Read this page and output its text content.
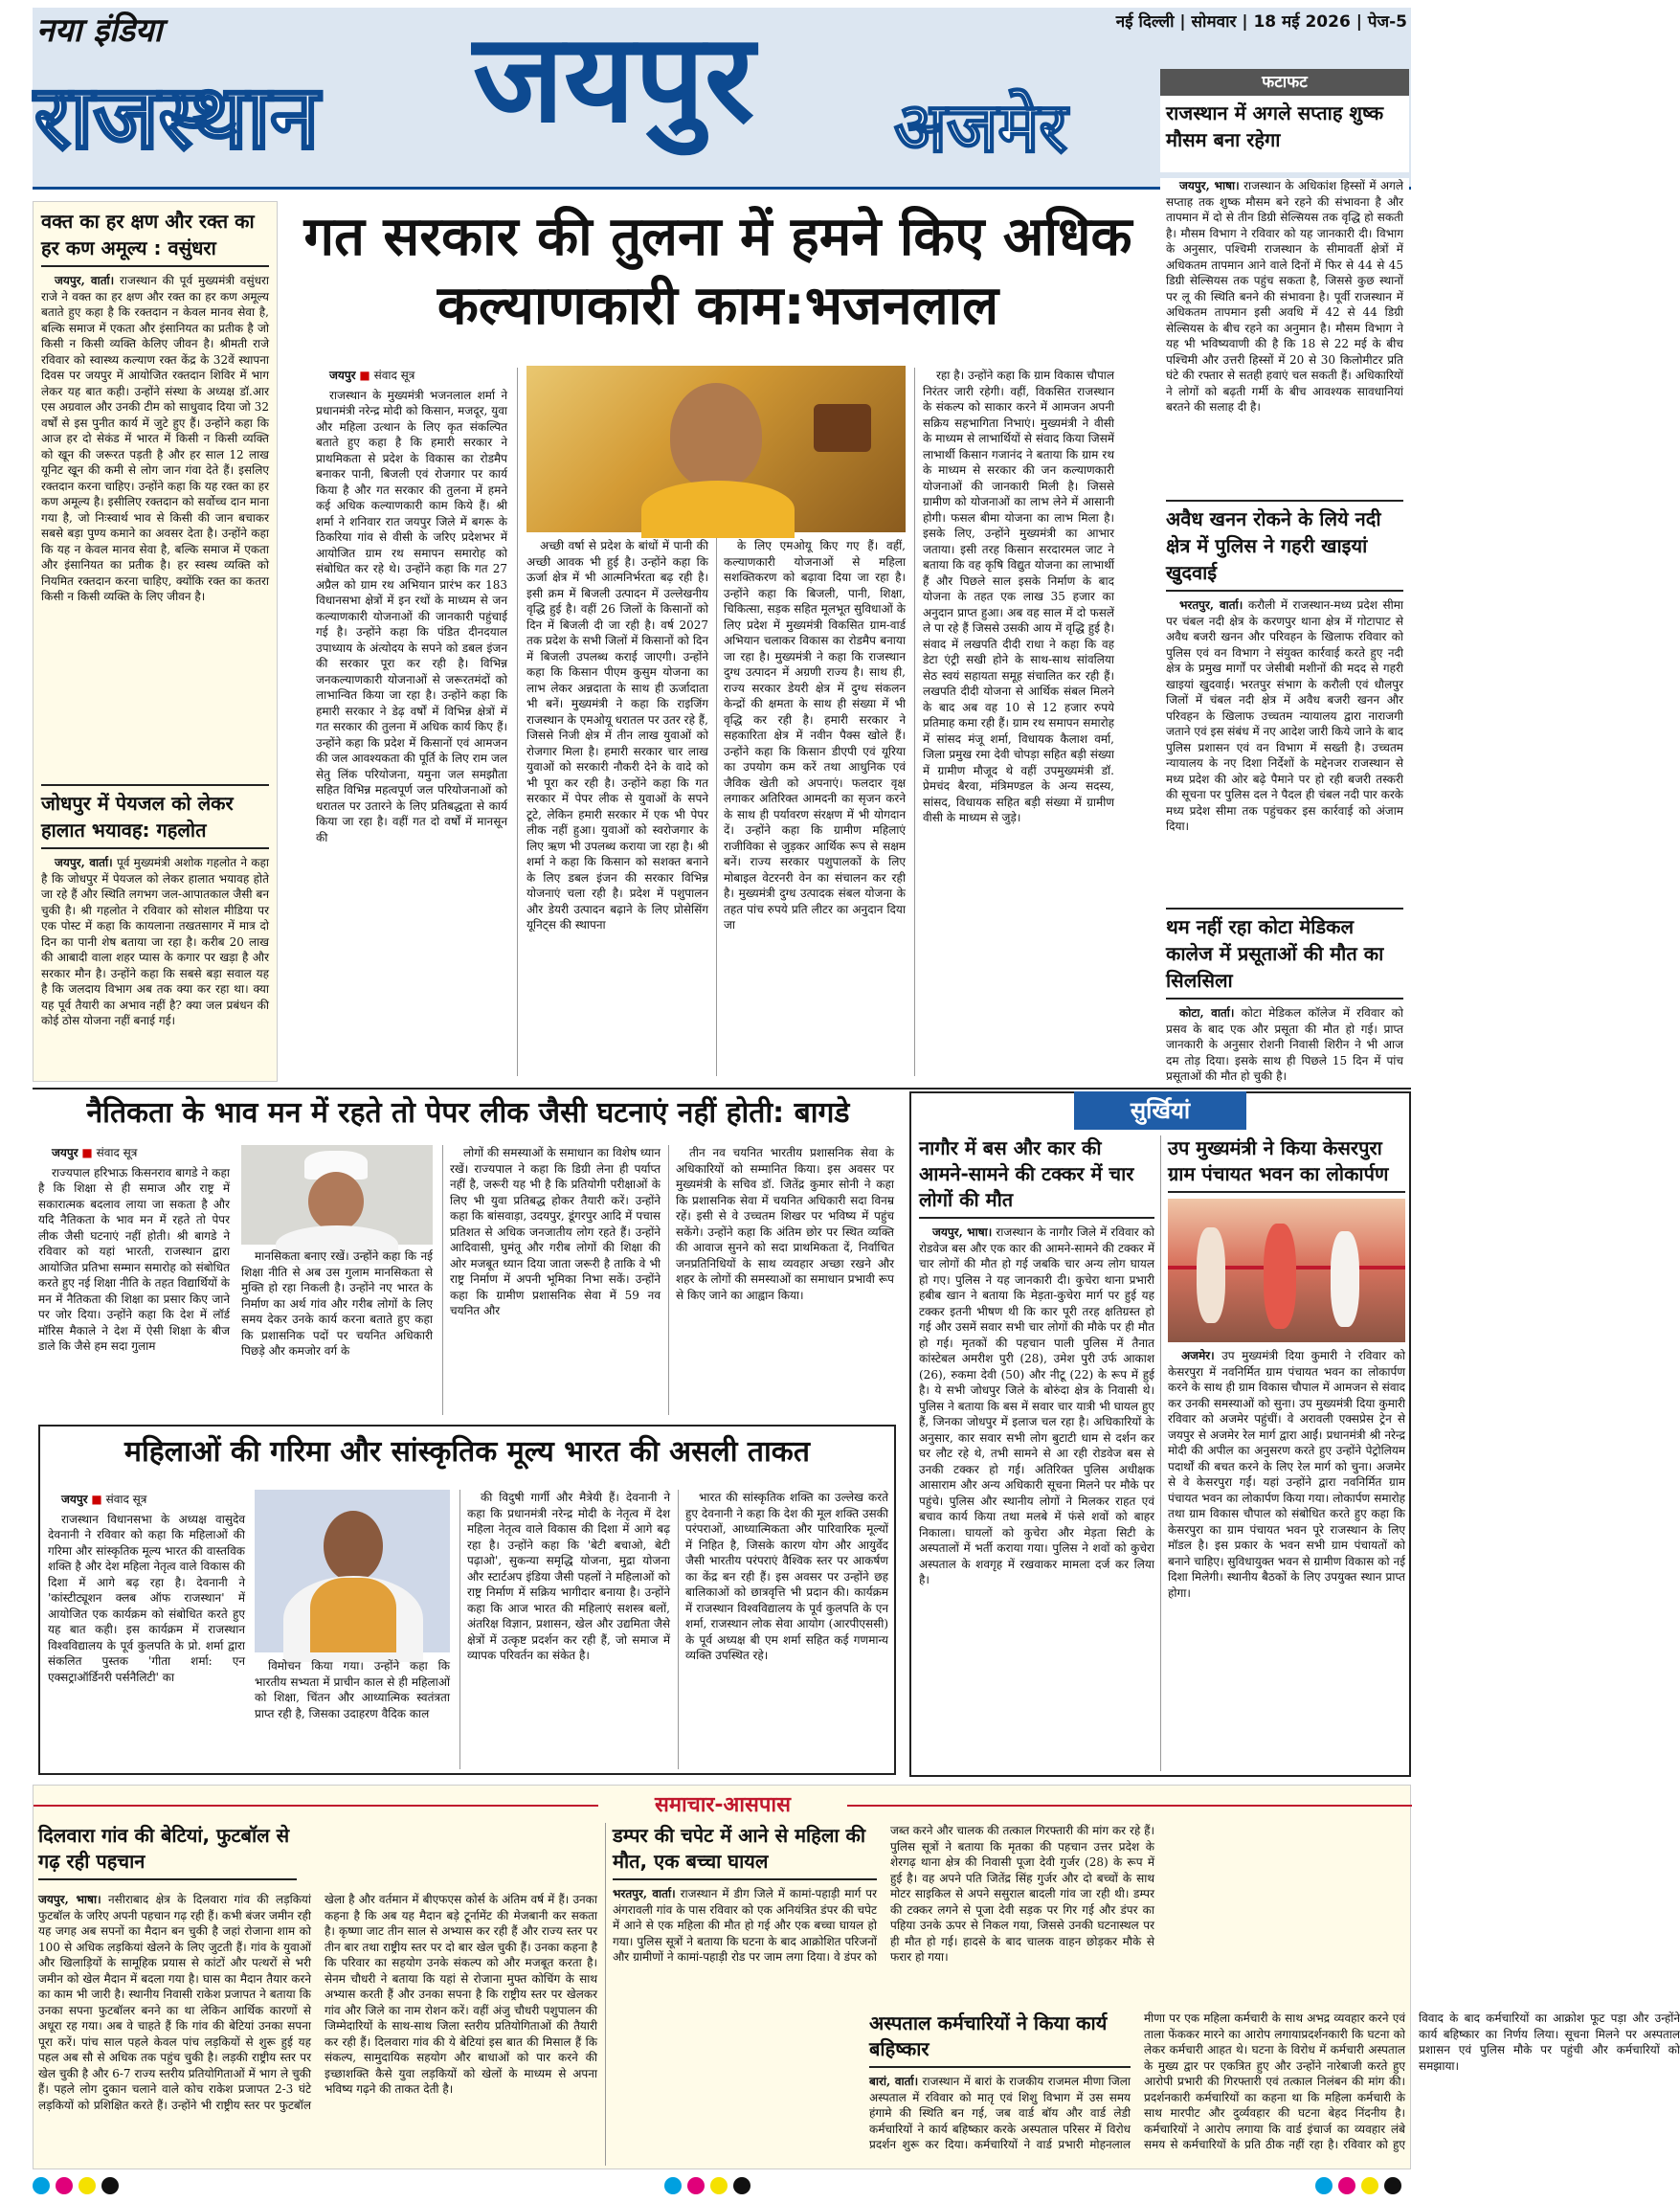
नया इंडिया
राजस्थान जयपुर अजमेर
नई दिल्ली | सोमवार | 18 मई 2026 | पेज-5
फटाफट
राजस्थान में अगले सप्ताह शुष्क मौसम बना रहेगा
वक्त का हर क्षण और रक्त का हर कण अमूल्य : वसुंधरा

जयपुर, वार्ता। राजस्थान की पूर्व मुख्यमंत्री वसुंधरा राजे ने वक्त का हर क्षण और रक्त का हर कण अमूल्य बताते हुए कहा है कि रक्तदान न केवल मानव सेवा है, बल्कि समाज में एकता और इंसानियत का प्रतीक है जो किसी न किसी व्यक्ति केलिए जीवन है। श्रीमती राजे रविवार को स्वास्थ्य कल्याण रक्त केंद्र के 32वें स्थापना दिवस पर जयपुर में आयोजित रक्तदान शिविर में भाग लेकर यह बात कही। उन्होंने संस्था के अध्यक्ष डॉ.आर एस अग्रवाल और उनकी टीम को साधुवाद दिया जो 32 वर्षों से इस पुनीत कार्य में जुटे हुए हैं। उन्होंने कहा कि आज हर दो सेकंड में भारत में किसी न किसी व्यक्ति को खून की जरूरत पड़ती है और हर साल 12 लाख यूनिट खून की कमी से लोग जान गंवा देते हैं। इसलिए रक्तदान करना चाहिए। उन्होंने कहा कि यह रक्त का हर कण अमूल्य है। इसीलिए रक्तदान को सर्वोच्च दान माना गया है, जो निःस्वार्थ भाव से किसी की जान बचाकर सबसे बड़ा पुण्य कमाने का अवसर देता है। उन्होंने कहा कि यह न केवल मानव सेवा है, बल्कि समाज में एकता और इंसानियत का प्रतीक है। हर स्वस्थ व्यक्ति को नियमित रक्तदान करना चाहिए, क्योंकि रक्त का कतरा किसी न किसी व्यक्ति के लिए जीवन है।

जोधपुर में पेयजल को लेकर हालात भयावह: गहलोत

जयपुर, वार्ता। पूर्व मुख्यमंत्री अशोक गहलोत ने कहा है कि जोधपुर में पेयजल को लेकर हालात भयावह होते जा रहे हैं और स्थिति लगभग जल-आपातकाल जैसी बन चुकी है। श्री गहलोत ने रविवार को सोशल मीडिया पर एक पोस्ट में कहा कि कायलाना तखतसागर में मात्र दो दिन का पानी शेष बताया जा रहा है। करीब 20 लाख की आबादी वाला शहर प्यास के कगार पर खड़ा है और सरकार मौन है। उन्होंने कहा कि सबसे बड़ा सवाल यह है कि जलदाय विभाग अब तक क्या कर रहा था। क्या यह पूर्व तैयारी का अभाव नहीं है? क्या जल प्रबंधन की कोई ठोस योजना नहीं बनाई गई।

गत सरकार की तुलना में हमने किए अधिक कल्याणकारी काम:भजनलाल

जयपुर ■ संवाद सूत्र

राजस्थान के मुख्यमंत्री भजनलाल शर्मा ने प्रधानमंत्री नरेन्द्र मोदी को किसान, मजदूर, युवा और महिला उत्थान के लिए कृत संकल्पित बताते हुए कहा है कि हमारी सरकार ने प्राथमिकता से प्रदेश के विकास का रोडमैप बनाकर पानी, बिजली एवं रोजगार पर कार्य किया है और गत सरकार की तुलना में हमने कई अधिक कल्याणकारी काम किये हैं। श्री शर्मा ने शनिवार रात जयपुर जिले में बगरू के ठिकरिया गांव से वीसी के जरिए प्रदेशभर में आयोजित ग्राम रथ समापन समारोह को संबोधित कर रहे थे। उन्होंने कहा कि गत 27 अप्रैल को ग्राम रथ अभियान प्रारंभ कर 183 विधानसभा क्षेत्रों में इन रथों के माध्यम से जन कल्याणकारी योजनाओं की जानकारी पहुंचाई गई है। उन्होंने कहा कि पंडित दीनदयाल उपाध्याय के अंत्योदय के सपने को डबल इंजन की सरकार पूरा कर रही है। विभिन्न जनकल्याणकारी योजनाओं से जरूरतमंदों को लाभान्वित किया जा रहा है। उन्होंने कहा कि हमारी सरकार ने डेढ़ वर्षों में विभिन्न क्षेत्रों में गत सरकार की तुलना में अधिक कार्य किए हैं। उन्होंने कहा कि प्रदेश में किसानों एवं आमजन की जल आवश्यकता की पूर्ति के लिए राम जल सेतु लिंक परियोजना, यमुना जल समझौता सहित विभिन्न महत्वपूर्ण जल परियोजनाओं को धरातल पर उतारने के लिए प्रतिबद्धता से कार्य किया जा रहा है। वहीं गत दो वर्षों में मानसून की

अच्छी वर्षा से प्रदेश के बांधों में पानी की अच्छी आवक भी हुई है। उन्होंने कहा कि ऊर्जा क्षेत्र में भी आत्मनिर्भरता बढ़ रही है। इसी क्रम में बिजली उत्पादन में उल्लेखनीय वृद्धि हुई है। वहीं 26 जिलों के किसानों को दिन में बिजली दी जा रही है। वर्ष 2027 तक प्रदेश के सभी जिलों में किसानों को दिन में बिजली उपलब्ध कराई जाएगी। उन्होंने कहा कि किसान पीएम कुसुम योजना का लाभ लेकर अन्नदाता के साथ ही ऊर्जादाता भी बनें। मुख्यमंत्री ने कहा कि राइजिंग राजस्थान के एमओयू धरातल पर उतर रहे हैं, जिससे निजी क्षेत्र में तीन लाख युवाओं को रोजगार मिला है। हमारी सरकार चार लाख युवाओं को सरकारी नौकरी देने के वादे को भी पूरा कर रही है। उन्होंने कहा कि गत सरकार में पेपर लीक से युवाओं के सपने टूटे, लेकिन हमारी सरकार में एक भी पेपर लीक नहीं हुआ। युवाओं को स्वरोजगार के लिए ऋण भी उपलब्ध कराया जा रहा है। श्री शर्मा ने कहा कि किसान को सशक्त बनाने के लिए डबल इंजन की सरकार विभिन्न योजनाएं चला रही है। प्रदेश में पशुपालन और डेयरी उत्पादन बढ़ाने के लिए प्रोसेसिंग यूनिट्स की स्थापना

के लिए एमओयू किए गए हैं। वहीं, कल्याणकारी योजनाओं से महिला सशक्तिकरण को बढ़ावा दिया जा रहा है। उन्होंने कहा कि बिजली, पानी, शिक्षा, चिकित्सा, सड़क सहित मूलभूत सुविधाओं के लिए प्रदेश में मुख्यमंत्री विकसित ग्राम-वार्ड अभियान चलाकर विकास का रोडमैप बनाया जा रहा है। मुख्यमंत्री ने कहा कि राजस्थान दुग्ध उत्पादन में अग्रणी राज्य है। साथ ही, राज्य सरकार डेयरी क्षेत्र में दुग्ध संकलन केन्द्रों की क्षमता के साथ ही संख्या में भी वृद्धि कर रही है। हमारी सरकार ने सहकारिता क्षेत्र में नवीन पैक्स खोले हैं। उन्होंने कहा कि किसान डीएपी एवं यूरिया का उपयोग कम करें तथा आधुनिक एवं जैविक खेती को अपनाएं। फलदार वृक्ष लगाकर अतिरिक्त आमदनी का सृजन करने के साथ ही पर्यावरण संरक्षण में भी योगदान दें। उन्होंने कहा कि ग्रामीण महिलाएं राजीविका से जुड़कर आर्थिक रूप से सक्षम बनें। राज्य सरकार पशुपालकों के लिए मोबाइल वेटरनरी वेन का संचालन कर रही है। मुख्यमंत्री दुग्ध उत्पादक संबल योजना के तहत पांच रुपये प्रति लीटर का अनुदान दिया जा

रहा है। उन्होंने कहा कि ग्राम विकास चौपाल निरंतर जारी रहेगी। वहीं, विकसित राजस्थान के संकल्प को साकार करने में आमजन अपनी सक्रिय सहभागिता निभाएं। मुख्यमंत्री ने वीसी के माध्यम से लाभार्थियों से संवाद किया जिसमें लाभार्थी किसान गजानंद ने बताया कि ग्राम रथ के माध्यम से सरकार की जन कल्याणकारी योजनाओं की जानकारी मिली है। जिससे ग्रामीण को योजनाओं का लाभ लेने में आसानी होगी। फसल बीमा योजना का लाभ मिला है। इसके लिए, उन्होंने मुख्यमंत्री का आभार जताया। इसी तरह किसान सरदारमल जाट ने बताया कि वह कृषि विद्युत योजना का लाभार्थी हैं और पिछले साल इसके निर्माण के बाद योजना के तहत एक लाख 35 हजार का अनुदान प्राप्त हुआ। अब वह साल में दो फसलें ले पा रहे हैं जिससे उसकी आय में वृद्धि हुई है। संवाद में लखपति दीदी राधा ने कहा कि वह डेटा एंट्री सखी होने के साथ-साथ सांवलिया सेठ स्वयं सहायता समूह संचालित कर रही हैं। लखपति दीदी योजना से आर्थिक संबल मिलने के बाद अब वह 10 से 12 हजार रुपये प्रतिमाह कमा रही हैं। ग्राम रथ समापन समारोह में सांसद मंजू शर्मा, विधायक कैलाश वर्मा, जिला प्रमुख रमा देवी चोपड़ा सहित बड़ी संख्या में ग्रामीण मौजूद थे वहीं उपमुख्यमंत्री डॉ. प्रेमचंद बैरवा, मंत्रिमण्डल के अन्य सदस्य, सांसद, विधायक सहित बड़ी संख्या में ग्रामीण वीसी के माध्यम से जुड़े।

जयपुर, भाषा। राजस्थान के अधिकांश हिस्सों में अगले सप्ताह तक शुष्क मौसम बने रहने की संभावना है और तापमान में दो से तीन डिग्री सेल्सियस तक वृद्धि हो सकती है। मौसम विभाग ने रविवार को यह जानकारी दी। विभाग के अनुसार, पश्चिमी राजस्थान के सीमावर्ती क्षेत्रों में अधिकतम तापमान आने वाले दिनों में फिर से 44 से 45 डिग्री सेल्सियस तक पहुंच सकता है, जिससे कुछ स्थानों पर लू की स्थिति बनने की संभावना है। पूर्वी राजस्थान में अधिकतम तापमान इसी अवधि में 42 से 44 डिग्री सेल्सियस के बीच रहने का अनुमान है। मौसम विभाग ने यह भी भविष्यवाणी की है कि 18 से 22 मई के बीच पश्चिमी और उत्तरी हिस्सों में 20 से 30 किलोमीटर प्रति घंटे की रफ्तार से सतही हवाएं चल सकती हैं। अधिकारियों ने लोगों को बढ़ती गर्मी के बीच आवश्यक सावधानियां बरतने की सलाह दी है।

अवैध खनन रोकने के लिये नदी क्षेत्र में पुलिस ने गहरी खाइयां खुदवाई

भरतपुर, वार्ता। करौली में राजस्थान-मध्य प्रदेश सीमा पर चंबल नदी क्षेत्र के करणपुर थाना क्षेत्र में गोटापाट से अवैध बजरी खनन और परिवहन के खिलाफ रविवार को पुलिस एवं वन विभाग ने संयुक्त कार्रवाई करते हुए नदी क्षेत्र के प्रमुख मार्गों पर जेसीबी मशीनों की मदद से गहरी खाइयां खुदवाई। भरतपुर संभाग के करौली एवं धौलपुर जिलों में चंबल नदी क्षेत्र में अवैध बजरी खनन और परिवहन के खिलाफ उच्चतम न्यायालय द्वारा नाराजगी जताने एवं इस संबंध में नए आदेश जारी किये जाने के बाद पुलिस प्रशासन एवं वन विभाग में सख्ती है। उच्चतम न्यायालय के नए दिशा निर्देशों के मद्देनजर राजस्थान से मध्य प्रदेश की ओर बढ़े पैमाने पर हो रही बजरी तस्करी की सूचना पर पुलिस दल ने पैदल ही चंबल नदी पार करके मध्य प्रदेश सीमा तक पहुंचकर इस कार्रवाई को अंजाम दिया।

थम नहीं रहा कोटा मेडिकल कालेज में प्रसूताओं की मौत का सिलसिला

कोटा, वार्ता। कोटा मेडिकल कॉलेज में रविवार को प्रसव के बाद एक और प्रसूता की मौत हो गई। प्राप्त जानकारी के अनुसार रोशनी निवासी शिरीन ने भी आज दम तोड़ दिया। इसके साथ ही पिछले 15 दिन में पांच प्रसूताओं की मौत हो चुकी है।

नैतिकता के भाव मन में रहते तो पेपर लीक जैसी घटनाएं नहीं होती: बागडे

जयपुर ■ संवाद सूत्र

राज्यपाल हरिभाऊ किसनराव बागडे ने कहा है कि शिक्षा से ही समाज और राष्ट्र में सकारात्मक बदलाव लाया जा सकता है और यदि नैतिकता के भाव मन में रहते तो पेपर लीक जैसी घटनाएं नहीं होती। श्री बागडे ने रविवार को यहां भारती, राजस्थान द्वारा आयोजित प्रतिभा सम्मान समारोह को संबोधित करते हुए नई शिक्षा नीति के तहत विद्यार्थियों के मन में नैतिकता की शिक्षा का प्रसार किए जाने पर जोर दिया। उन्होंने कहा कि देश में लॉर्ड मॉरिस मैकाले ने देश में ऐसी शिक्षा के बीज डाले कि जैसे हम सदा गुलाम

मानसिकता बनाए रखें। उन्होंने कहा कि नई शिक्षा नीति से अब उस गुलाम मानसिकता से मुक्ति हो रहा निकली है। उन्होंने नए भारत के निर्माण का अर्थ गांव और गरीब लोगों के लिए समय देकर उनके कार्य करना बताते हुए कहा कि प्रशासनिक पदों पर चयनित अधिकारी पिछड़े और कमजोर वर्ग के

लोगों की समस्याओं के समाधान का विशेष ध्यान रखें। राज्यपाल ने कहा कि डिग्री लेना ही पर्याप्त नहीं है, जरूरी यह भी है कि प्रतियोगी परीक्षाओं के लिए भी युवा प्रतिबद्ध होकर तैयारी करें। उन्होंने कहा कि बांसवाड़ा, उदयपुर, डूंगरपुर आदि में पचास प्रतिशत से अधिक जनजातीय लोग रहते हैं। उन्होंने आदिवासी, घुमंतू और गरीब लोगों की शिक्षा की ओर मजबूत ध्यान दिया जाता जरूरी है ताकि वे भी राष्ट्र निर्माण में अपनी भूमिका निभा सकें। उन्होंने कहा कि ग्रामीण प्रशासनिक सेवा में 59 नव चयनित और

तीन नव चयनित भारतीय प्रशासनिक सेवा के अधिकारियों को सम्मानित किया। इस अवसर पर मुख्यमंत्री के सचिव डॉ. जितेंद्र कुमार सोनी ने कहा कि प्रशासनिक सेवा में चयनित अधिकारी सदा विनम्र रहें। इसी से वे उच्चतम शिखर पर भविष्य में पहुंच सकेंगे। उन्होंने कहा कि अंतिम छोर पर स्थित व्यक्ति की आवाज सुनने को सदा प्राथमिकता दें, निर्वाचित जनप्रतिनिधियों के साथ व्यवहार अच्छा रखने और शहर के लोगों की समस्याओं का समाधान प्रभावी रूप से किए जाने का आह्वान किया।

महिलाओं की गरिमा और सांस्कृतिक मूल्य भारत की असली ताकत

जयपुर ■ संवाद सूत्र

राजस्थान विधानसभा के अध्यक्ष वासुदेव देवनानी ने रविवार को कहा कि महिलाओं की गरिमा और सांस्कृतिक मूल्य भारत की वास्तविक शक्ति है और देश महिला नेतृत्व वाले विकास की दिशा में आगे बढ़ रहा है। देवनानी ने 'कांस्टीट्यूशन क्लब ऑफ राजस्थान' में आयोजित एक कार्यक्रम को संबोधित करते हुए यह बात कही। इस कार्यक्रम में राजस्थान विश्वविद्यालय के पूर्व कुलपति के प्रो. शर्मा द्वारा संकलित पुस्तक 'गीता शर्मा: एन एक्सट्राऑर्डिनरी पर्सनैलिटी' का

विमोचन किया गया। उन्होंने कहा कि भारतीय सभ्यता में प्राचीन काल से ही महिलाओं को शिक्षा, चिंतन और आध्यात्मिक स्वतंत्रता प्राप्त रही है, जिसका उदाहरण वैदिक काल

की विदुषी गार्गी और मैत्रेयी हैं। देवनानी ने कहा कि प्रधानमंत्री नरेन्द्र मोदी के नेतृत्व में देश महिला नेतृत्व वाले विकास की दिशा में आगे बढ़ रहा है। उन्होंने कहा कि 'बेटी बचाओ, बेटी पढ़ाओ', सुकन्या समृद्धि योजना, मुद्रा योजना और स्टार्टअप इंडिया जैसी पहलों ने महिलाओं को राष्ट्र निर्माण में सक्रिय भागीदार बनाया है। उन्होंने कहा कि आज भारत की महिलाएं सशस्त्र बलों, अंतरिक्ष विज्ञान, प्रशासन, खेल और उद्यमिता जैसे क्षेत्रों में उत्कृष्ट प्रदर्शन कर रही हैं, जो समाज में व्यापक परिवर्तन का संकेत है।

भारत की सांस्कृतिक शक्ति का उल्लेख करते हुए देवनानी ने कहा कि देश की मूल शक्ति उसकी परंपराओं, आध्यात्मिकता और पारिवारिक मूल्यों में निहित है, जिसके कारण योग और आयुर्वेद जैसी भारतीय परंपराएं वैश्विक स्तर पर आकर्षण का केंद्र बन रही हैं। इस अवसर पर उन्होंने छह बालिकाओं को छात्रवृत्ति भी प्रदान की। कार्यक्रम में राजस्थान विश्वविद्यालय के पूर्व कुलपति के एन शर्मा, राजस्थान लोक सेवा आयोग (आरपीएससी) के पूर्व अध्यक्ष बी एम शर्मा सहित कई गणमान्य व्यक्ति उपस्थित रहे।

सुर्खियां
नागौर में बस और कार की आमने-सामने की टक्कर में चार लोगों की मौत

जयपुर, भाषा। राजस्थान के नागौर जिले में रविवार को रोडवेज बस और एक कार की आमने-सामने की टक्कर में चार लोगों की मौत हो गई जबकि चार अन्य लोग घायल हो गए। पुलिस ने यह जानकारी दी। कुचेरा थाना प्रभारी हबीब खान ने बताया कि मेड़ता-कुचेरा मार्ग पर हुई यह टक्कर इतनी भीषण थी कि कार पूरी तरह क्षतिग्रस्त हो गई और उसमें सवार सभी चार लोगों की मौके पर ही मौत हो गई। मृतकों की पहचान पाली पुलिस में तैनात कांस्टेबल अमरीश पुरी (28), उमेश पुरी उर्फ आकाश (26), रुकमा देवी (50) और नीटू (22) के रूप में हुई है। ये सभी जोधपुर जिले के बोरुंदा क्षेत्र के निवासी थे। पुलिस ने बताया कि बस में सवार चार यात्री भी घायल हुए हैं, जिनका जोधपुर में इलाज चल रहा है। अधिकारियों के अनुसार, कार सवार सभी लोग बुटाटी धाम से दर्शन कर घर लौट रहे थे, तभी सामने से आ रही रोडवेज बस से उनकी टक्कर हो गई। अतिरिक्त पुलिस अधीक्षक आसाराम और अन्य अधिकारी सूचना मिलने पर मौके पर पहुंचे। पुलिस और स्थानीय लोगों ने मिलकर राहत एवं बचाव कार्य किया तथा मलबे में फंसे शवों को बाहर निकाला। घायलों को कुचेरा और मेड़ता सिटी के अस्पतालों में भर्ती कराया गया। पुलिस ने शवों को कुचेरा अस्पताल के शवगृह में रखवाकर मामला दर्ज कर लिया है।

उप मुख्यमंत्री ने किया केसरपुरा ग्राम पंचायत भवन का लोकार्पण

अजमेर। उप मुख्यमंत्री दिया कुमारी ने रविवार को केसरपुरा में नवनिर्मित ग्राम पंचायत भवन का लोकार्पण करने के साथ ही ग्राम विकास चौपाल में आमजन से संवाद कर उनकी समस्याओं को सुना। उप मुख्यमंत्री दिया कुमारी रविवार को अजमेर पहुंचीं। वे अरावली एक्सप्रेस ट्रेन से जयपुर से अजमेर रेल मार्ग द्वारा आईं। प्रधानमंत्री श्री नरेन्द्र मोदी की अपील का अनुसरण करते हुए उन्होंने पेट्रोलियम पदार्थों की बचत करने के लिए रेल मार्ग को चुना। अजमेर से वे केसरपुरा गईं। यहां उन्होंने द्वारा नवनिर्मित ग्राम पंचायत भवन का लोकार्पण किया गया। लोकार्पण समारोह तथा ग्राम विकास चौपाल को संबोधित करते हुए कहा कि केसरपुरा का ग्राम पंचायत भवन पूरे राजस्थान के लिए मॉडल है। इस प्रकार के भवन सभी ग्राम पंचायतों को बनाने चाहिए। सुविधायुक्त भवन से ग्रामीण विकास को नई दिशा मिलेगी। स्थानीय बैठकों के लिए उपयुक्त स्थान प्राप्त होगा।

समाचार-आसपास
दिलवारा गांव की बेटियां, फुटबॉल से गढ़ रही पहचान
जयपुर, भाषा। नसीराबाद क्षेत्र के दिलवारा गांव की लड़कियां फुटबॉल के जरिए अपनी पहचान गढ़ रही हैं। कभी बंजर जमीन रही यह जगह अब सपनों का मैदान बन चुकी है जहां रोजाना शाम को 100 से अधिक लड़कियां खेलने के लिए जुटती हैं। गांव के युवाओं और खिलाड़ियों के सामूहिक प्रयास से कांटों और पत्थरों से भरी जमीन को खेल मैदान में बदला गया है। घास का मैदान तैयार करने का काम भी जारी है। स्थानीय निवासी राकेश प्रजापत ने बताया कि उनका सपना फुटबॉलर बनने का था लेकिन आर्थिक कारणों से अधूरा रह गया। अब वे चाहते हैं कि गांव की बेटियां उनका सपना पूरा करें। पांच साल पहले केवल पांच लड़कियों से शुरू हुई यह पहल अब सौ से अधिक तक पहुंच चुकी है। लड़की राष्ट्रीय स्तर पर खेल चुकी है और 6-7 राज्य स्तरीय प्रतियोगिताओं में भाग ले चुकी हैं। पहले लोग दुकान चलाने वाले कोच राकेश प्रजापत 2-3 घंटे लड़कियों को प्रशिक्षित करते हैं। उन्होंने भी राष्ट्रीय स्तर पर फुटबॉल खेला है और वर्तमान में बीएफएस कोर्स के अंतिम वर्ष में हैं। उनका कहना है कि अब यह मैदान बड़े टूर्नामेंट की मेजबानी कर सकता है। कृष्णा जाट तीन साल से अभ्यास कर रही हैं और राज्य स्तर पर तीन बार तथा राष्ट्रीय स्तर पर दो बार खेल चुकी हैं। उनका कहना है कि परिवार का सहयोग उनके संकल्प को और मजबूत करता है। सेनम चौधरी ने बताया कि यहां से रोजाना मुफ्त कोचिंग के साथ अभ्यास करती हैं और उनका सपना है कि राष्ट्रीय स्तर पर खेलकर गांव और जिले का नाम रोशन करें। वहीं अंजु चौधरी पशुपालन की जिम्मेदारियों के साथ-साथ जिला स्तरीय प्रतियोगिताओं की तैयारी कर रही हैं। दिलवारा गांव की ये बेटियां इस बात की मिसाल हैं कि संकल्प, सामुदायिक सहयोग और बाधाओं को पार करने की इच्छाशक्ति कैसे युवा लड़कियों को खेलों के माध्यम से अपना भविष्य गढ़ने की ताकत देती है।
डम्पर की चपेट में आने से महिला की मौत, एक बच्चा घायल
भरतपुर, वार्ता। राजस्थान में डीग जिले में कामां-पहाड़ी मार्ग पर अंगरावली गांव के पास रविवार को एक अनियंत्रित डंपर की चपेट में आने से एक महिला की मौत हो गई और एक बच्चा घायल हो गया। पुलिस सूत्रों ने बताया कि घटना के बाद आक्रोशित परिजनों और ग्रामीणों ने कामां-पहाड़ी रोड पर जाम लगा दिया। वे डंपर को जब्त करने और चालक की तत्काल गिरफ्तारी की मांग कर रहे हैं। पुलिस सूत्रों ने बताया कि मृतका की पहचान उत्तर प्रदेश के शेरगढ़ थाना क्षेत्र की निवासी पूजा देवी गुर्जर (28) के रूप में हुई है। वह अपने पति जितेंद्र सिंह गुर्जर और दो बच्चों के साथ मोटर साइकिल से अपने ससुराल बादली गांव जा रही थी। डम्पर की टक्कर लगने से पूजा देवी सड़क पर गिर गई और डंपर का पहिया उनके ऊपर से निकल गया, जिससे उनकी घटनास्थल पर ही मौत हो गई। हादसे के बाद चालक वाहन छोड़कर मौके से फरार हो गया।
अस्पताल कर्मचारियों ने किया कार्य बहिष्कार
बारां, वार्ता। राजस्थान में बारां के राजकीय राजमल मीणा जिला अस्पताल में रविवार को मातृ एवं शिशु विभाग में उस समय हंगामे की स्थिति बन गई, जब वार्ड बॉय और वार्ड लेडी कर्मचारियों ने कार्य बहिष्कार करके अस्पताल परिसर में विरोध प्रदर्शन शुरू कर दिया। कर्मचारियों ने वार्ड प्रभारी मोहनलाल मीणा पर एक महिला कर्मचारी के साथ अभद्र व्यवहार करने एवं ताला फेंककर मारने का आरोप लगायाप्रदर्शनकारी कि घटना को लेकर कर्मचारी आहत थे। घटना के विरोध में कर्मचारी अस्पताल के मुख्य द्वार पर एकत्रित हुए और उन्होंने नारेबाजी करते हुए आरोपी प्रभारी की गिरफ्तारी एवं तत्काल निलंबन की मांग की। प्रदर्शनकारी कर्मचारियों का कहना था कि महिला कर्मचारी के साथ मारपीट और दुर्व्यवहार की घटना बेहद निंदनीय है। कर्मचारियों ने आरोप लगाया कि वार्ड इंचार्ज का व्यवहार लंबे समय से कर्मचारियों के प्रति ठीक नहीं रहा है। रविवार को हुए विवाद के बाद कर्मचारियों का आक्रोश फूट पड़ा और उन्होंने कार्य बहिष्कार का निर्णय लिया। सूचना मिलने पर अस्पताल प्रशासन एवं पुलिस मौके पर पहुंची और कर्मचारियों को समझाया।
